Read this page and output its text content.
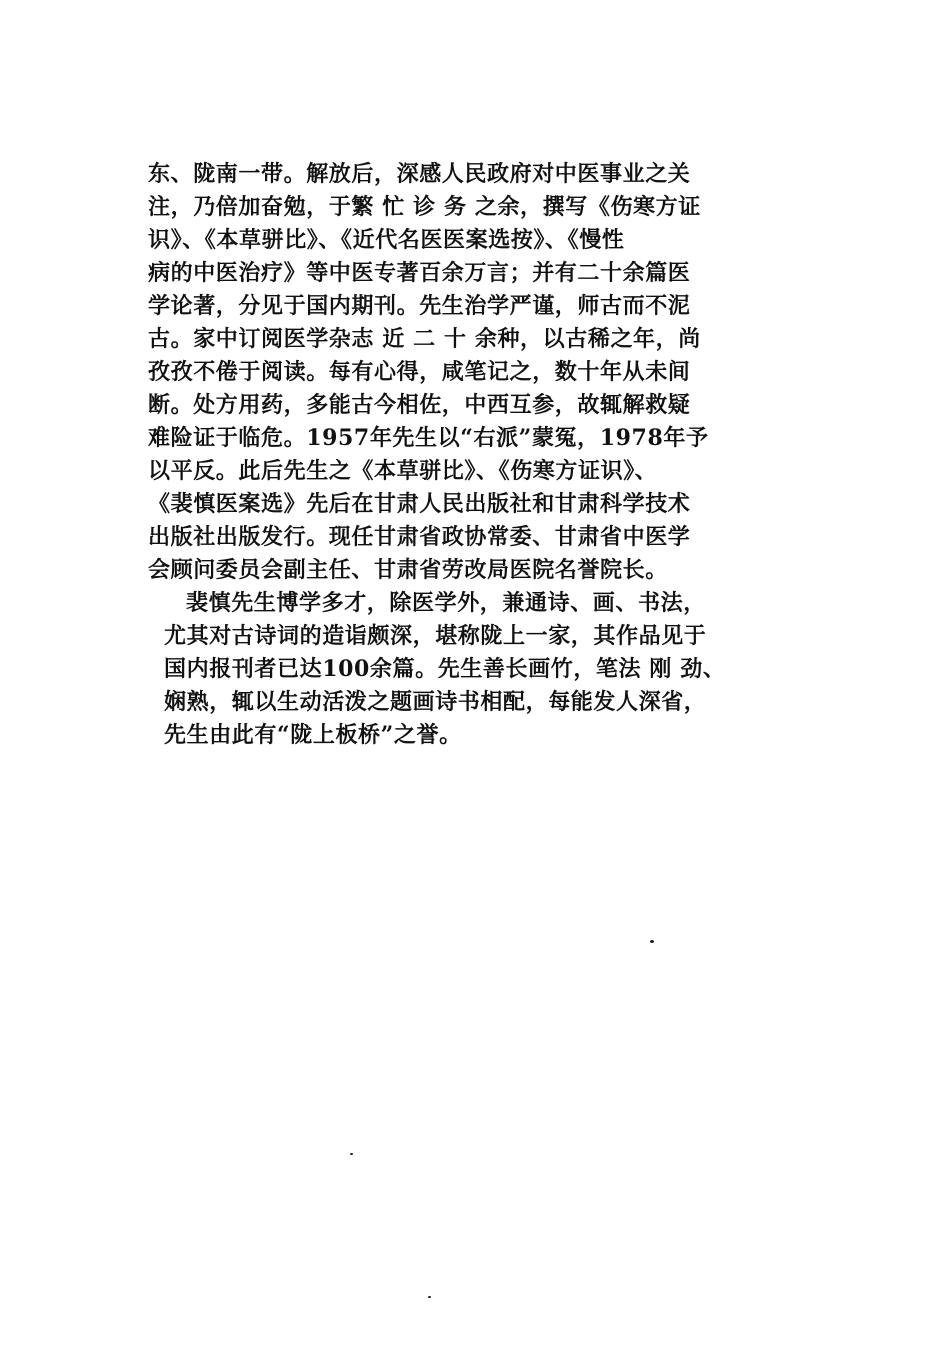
东、陇南一带。解放后，深感人民政府对中医事业之关
注，乃倍加奋勉，于繁 忙 诊 务 之余，撰写《伤寒方证
识》、《本草骈比》、《近代名医医案选按》、《慢性
病的中医治疗》等中医专著百余万言；并有二十余篇医
学论著，分见于国内期刊。先生治学严谨，师古而不泥
古。家中订阅医学杂志 近 二 十 余种，以古稀之年，尚
孜孜不倦于阅读。每有心得，咸笔记之，数十年从未间
断。处方用药，多能古今相佐，中西互参，故辄解救疑
难险证于临危。1957年先生以“右派”蒙冤，1978年予
以平反。此后先生之《本草骈比》、《伤寒方证识》、
《裴慎医案选》先后在甘肃人民出版社和甘肃科学技术
出版社出版发行。现任甘肃省政协常委、甘肃省中医学
会顾问委员会副主任、甘肃省劳改局医院名誉院长。
裴慎先生博学多才，除医学外，兼通诗、画、书法，
尤其对古诗词的造诣颇深，堪称陇上一家，其作品见于
国内报刊者已达100余篇。先生善长画竹，笔法 刚 劲、
娴熟，辄以生动活泼之题画诗书相配，每能发人深省，
先生由此有“陇上板桥”之誉。
